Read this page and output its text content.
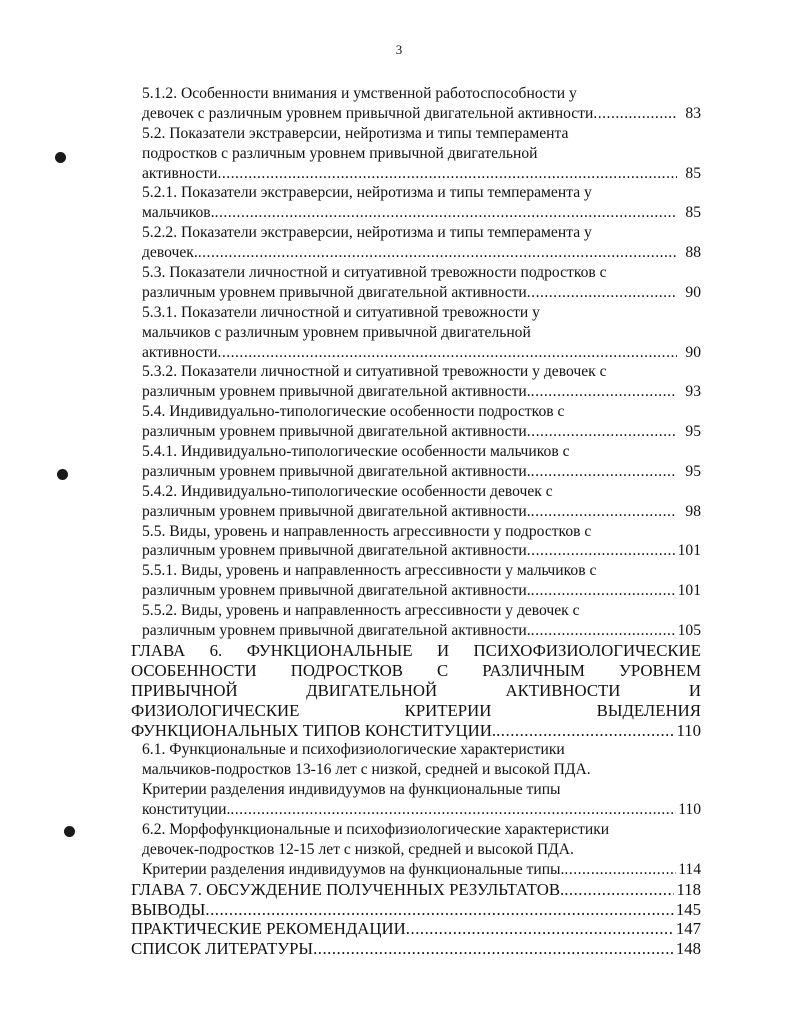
3
5.1.2. Особенности внимания и умственной работоспособности у
девочек с различным уровнем привычной двигательной активности .....	83
5.2. Показатели экстраверсии, нейротизма и типы темперамента
подростков с различным уровнем привычной двигательной
активности .....	85
5.2.1. Показатели экстраверсии, нейротизма и типы темперамента у
мальчиков. .....	85
5.2.2. Показатели экстраверсии, нейротизма и типы темперамента у
девочек. .....	88
5.3. Показатели личностной и ситуативной тревожности подростков с
различным уровнем привычной двигательной активности .....	90
5.3.1. Показатели личностной и ситуативной тревожности у
мальчиков с различным уровнем привычной двигательной
активности .....	90
5.3.2. Показатели личностной и ситуативной тревожности у девочек с
различным уровнем привычной двигательной активности. .....	93
5.4. Индивидуально-типологические особенности подростков с
различным уровнем привычной двигательной активности .....	95
5.4.1. Индивидуально-типологические особенности мальчиков с
различным уровнем привычной двигательной активности. .....	95
5.4.2. Индивидуально-типологические особенности девочек с
различным уровнем привычной двигательной активности. .....	98
5.5. Виды, уровень и направленность агрессивности у подростков с
различным уровнем привычной двигательной активности .....	101
5.5.1. Виды, уровень и направленность агрессивности у мальчиков с
различным уровнем привычной двигательной активности. .....	101
5.5.2. Виды, уровень и направленность агрессивности у девочек с
различным уровнем привычной двигательной активности. .....	105
ГЛАВА 6. ФУНКЦИОНАЛЬНЫЕ И ПСИХОФИЗИОЛОГИЧЕСКИЕ
ОСОБЕННОСТИ ПОДРОСТКОВ С РАЗЛИЧНЫМ УРОВНЕМ
ПРИВЫЧНОЙ ДВИГАТЕЛЬНОЙ АКТИВНОСТИ И
ФИЗИОЛОГИЧЕСКИЕ КРИТЕРИИ ВЫДЕЛЕНИЯ
ФУНКЦИОНАЛЬНЫХ ТИПОВ КОНСТИТУЦИИ. .....	110
6.1. Функциональные и психофизиологические характеристики
мальчиков-подростков 13-16 лет с низкой, средней и высокой ПДА.
Критерии разделения индивидуумов на функциональные типы
конституции. .....	110
6.2. Морфофункциональные и психофизиологические характеристики
девочек-подростков 12-15 лет с низкой, средней и высокой ПДА.
Критерии разделения индивидуумов на функциональные типы. .....	114
ГЛАВА 7. ОБСУЖДЕНИЕ ПОЛУЧЕННЫХ РЕЗУЛЬТАТОВ. .....	118
ВЫВОДЫ .....	145
ПРАКТИЧЕСКИЕ РЕКОМЕНДАЦИИ .....	147
СПИСОК ЛИТЕРАТУРЫ .....	148
